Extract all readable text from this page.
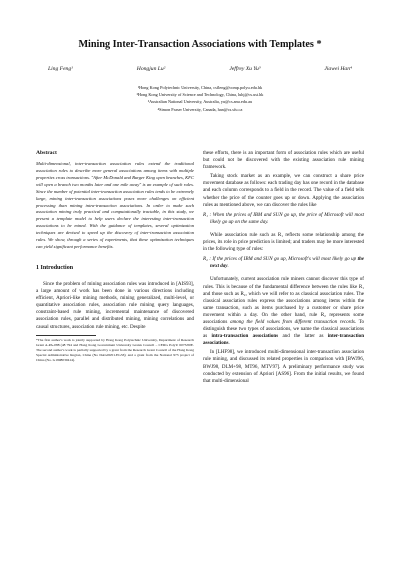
Mining Inter-Transaction Associations with Templates *
Ling Feng¹	Hongjun Lu²	Jeffrey Xu Yu³	Jiawei Han⁴
¹Hong Kong Polytechnic University, China, csfleng@comp.polyu.edu.hk
²Hong Kong University of Science and Technology, China, luhj@cs.ust.hk
³Australian National University, Australia, yu@cs.anu.edu.au
⁴Simon Fraser University, Canada, han@cs.sfu.ca
Abstract
Multi-dimensional, inter-transaction association rules extend the traditional association rules to describe more general associations among items with multiple properties cross transactions. "After McDonald and Burger King open branches, KFC will open a branch two months later and one mile away" is an example of such rules. Since the number of potential inter-transaction association rules tends to be extremely large, mining inter-transaction associations poses more challenges on efficient processing than mining intra-transaction associations. In order to make such association mining truly practical and computationally tractable, in this study, we present a template model to help users declare the interesting inter-transaction associations to be mined. With the guidance of templates, several optimization techniques are devised to speed up the discovery of inter-transaction association rules. We show, through a series of experiments, that these optimization techniques can yield significant performance benefits.
1 Introduction

Since the problem of mining association rules was introduced in [AIS93], a large amount of work has been done in various directions including efficient, Apriori-like mining methods, mining generalized, multi-level, or quantitative association rules, association rule mining query languages, constraint-based rule mining, incremental maintenance of discovered association rules, parallel and distributed mining, mining correlations and causal structures, association rule mining, etc. Despite

*The first author's work is jointly supported by Hong Kong Polytechnic University, Department of Research Grant A-PA-088 (48 794 and Hong Kong Government University Grants Council – CERG PolyU 6073/00E. The second author's work is partially supported by a grant from the Research Grant Council of the Hong Kong Special Administrative Region, China (No DAG00/01.EG33); and a grant from the National 973 project of China (No. G1998030414).

these efforts, there is an important form of association rules which are useful but could not be discovered with the existing association rule mining framework.

Taking stock market as an example, we can construct a share price movement database as follows: each trading day has one record in the database and each column corresponds to a field in the record. The value of a field tells whether the price of the counter goes up or down. Applying the association rules as mentioned above, we can discover the rules like

R₁ : When the prices of IBM and SUN go up, the price of Microsoft will most likely go up on the same day.

While association rule such as R₁ reflects some relationship among the prices, its role in price prediction is limited; and traders may be more interested in the following type of rules:

R₂ : If the prices of IBM and SUN go up, Microsoft's will most likely go up the next day.

Unfortunately, current association rule miners cannot discover this type of rules. This is because of the fundamental difference between the rules like R₁ and those such as R₂, which we will refer to as classical association rules. The classical association rules express the associations among items within the same transaction, such as items purchased by a customer or share price movement within a day. On the other hand, rule R₂ represents some associations among the field values from different transaction records. To distinguish these two types of associations, we name the classical associations as intra-transaction associations and the latter as inter-transaction associations.

In [LHF98], we introduced multi-dimensional inter-transaction association rule mining, and discussed its related properties in comparison with [BWJ96, BWJ98, DLM+98, MT96, MTV97]. A preliminary performance study was conducted by extension of Apriori [AS96]. From the initial results, we found that multi-dimensional
